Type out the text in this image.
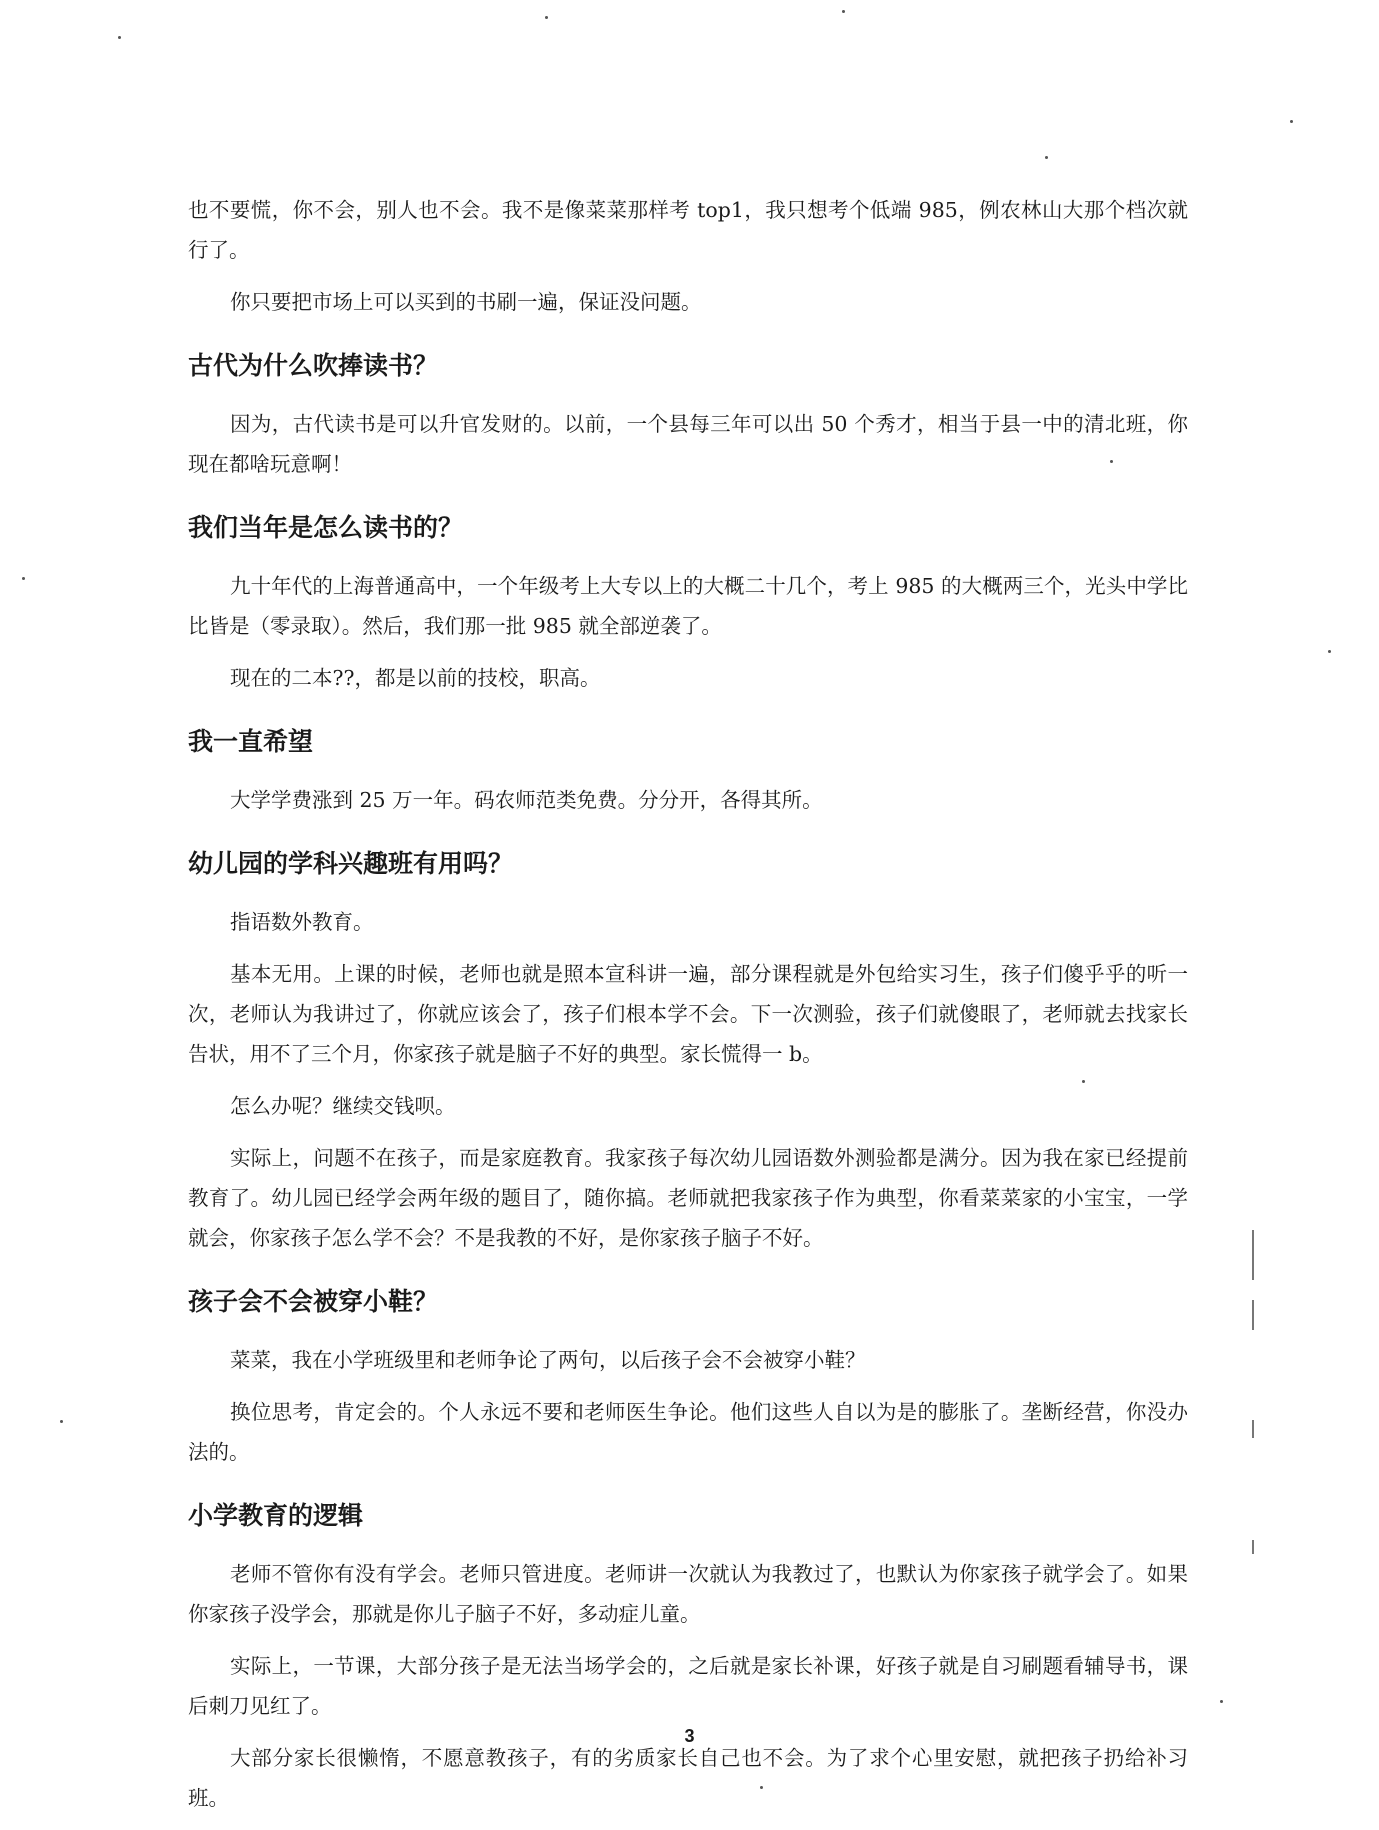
也不要慌，你不会，别人也不会。我不是像菜菜那样考 top1，我只想考个低端 985，例农林山大那个档次就行了。

你只要把市场上可以买到的书刷一遍，保证没问题。

古代为什么吹捧读书？

因为，古代读书是可以升官发财的。以前，一个县每三年可以出 50 个秀才，相当于县一中的清北班，你现在都啥玩意啊！

我们当年是怎么读书的？

九十年代的上海普通高中，一个年级考上大专以上的大概二十几个，考上 985 的大概两三个，光头中学比比皆是（零录取）。然后，我们那一批 985 就全部逆袭了。

现在的二本??，都是以前的技校，职高。

我一直希望

大学学费涨到 25 万一年。码农师范类免费。分分开，各得其所。

幼儿园的学科兴趣班有用吗？

指语数外教育。

基本无用。上课的时候，老师也就是照本宣科讲一遍，部分课程就是外包给实习生，孩子们傻乎乎的听一次，老师认为我讲过了，你就应该会了，孩子们根本学不会。下一次测验，孩子们就傻眼了，老师就去找家长告状，用不了三个月，你家孩子就是脑子不好的典型。家长慌得一 b。

怎么办呢？继续交钱呗。

实际上，问题不在孩子，而是家庭教育。我家孩子每次幼儿园语数外测验都是满分。因为我在家已经提前教育了。幼儿园已经学会两年级的题目了，随你搞。老师就把我家孩子作为典型，你看菜菜家的小宝宝，一学就会，你家孩子怎么学不会？不是我教的不好，是你家孩子脑子不好。

孩子会不会被穿小鞋？

菜菜，我在小学班级里和老师争论了两句，以后孩子会不会被穿小鞋？

换位思考，肯定会的。个人永远不要和老师医生争论。他们这些人自以为是的膨胀了。垄断经营，你没办法的。

小学教育的逻辑

老师不管你有没有学会。老师只管进度。老师讲一次就认为我教过了，也默认为你家孩子就学会了。如果你家孩子没学会，那就是你儿子脑子不好，多动症儿童。

实际上，一节课，大部分孩子是无法当场学会的，之后就是家长补课，好孩子就是自习刷题看辅导书，课后刺刀见红了。

大部分家长很懒惰，不愿意教孩子，有的劣质家长自己也不会。为了求个心里安慰，就把孩子扔给补习班。

3
